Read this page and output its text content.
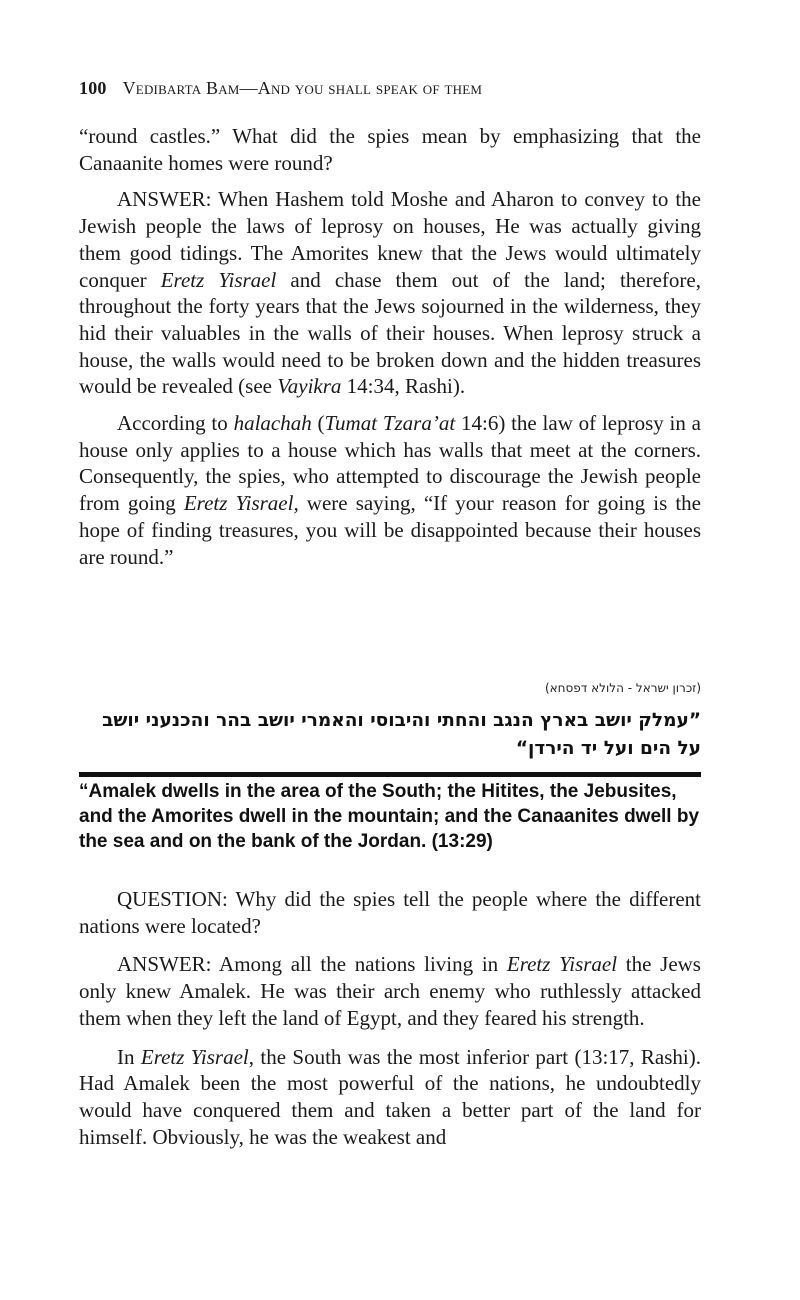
100 Vedibarta Bam—And you shall speak of them

“round castles.” What did the spies mean by emphasizing that the Canaanite homes were round?

ANSWER: When Hashem told Moshe and Aharon to convey to the Jewish people the laws of leprosy on houses, He was actually giving them good tidings. The Amorites knew that the Jews would ultimately conquer Eretz Yisrael and chase them out of the land; therefore, throughout the forty years that the Jews sojourned in the wilderness, they hid their valuables in the walls of their houses. When leprosy struck a house, the walls would need to be broken down and the hidden treasures would be revealed (see Vayikra 14:34, Rashi).

According to halachah (Tumat Tzara’at 14:6) the law of leprosy in a house only applies to a house which has walls that meet at the corners. Consequently, the spies, who attempted to discourage the Jewish people from going Eretz Yisrael, were saying, “If your reason for going is the hope of finding treasures, you will be disappointed because their houses are round.”

(זכרון ישראל - הלולא דפסחא)
”עמלק יושב בארץ הנגב והחתי והיבוסי והאמרי יושב בהר והכנעני יושב על הים ועל יד הירדן“
“Amalek dwells in the area of the South; the Hitites, the Jebusites, and the Amorites dwell in the mountain; and the Canaanites dwell by the sea and on the bank of the Jordan. (13:29)

QUESTION: Why did the spies tell the people where the different nations were located?

ANSWER: Among all the nations living in Eretz Yisrael the Jews only knew Amalek. He was their arch enemy who ruthlessly attacked them when they left the land of Egypt, and they feared his strength.

In Eretz Yisrael, the South was the most inferior part (13:17, Rashi). Had Amalek been the most powerful of the nations, he undoubtedly would have conquered them and taken a better part of the land for himself. Obviously, he was the weakest and
